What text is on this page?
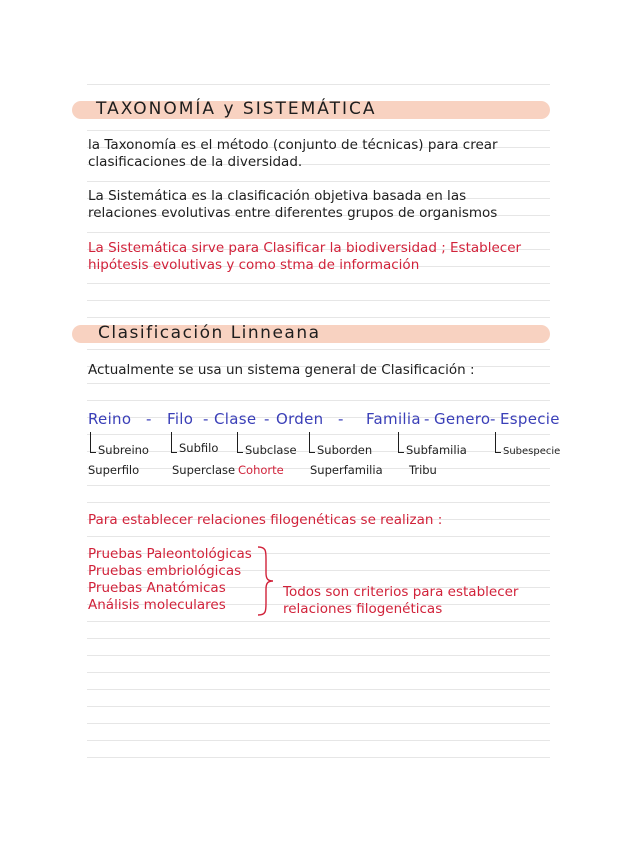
TAXONOMÍA y SISTEMÁTICA
la Taxonomía es el método (conjunto de técnicas) para crear
clasificaciones de la diversidad.
La Sistemática es la clasificación objetiva basada en las
relaciones evolutivas entre diferentes grupos de organismos
La Sistemática sirve para Clasificar la biodiversidad ; Establecer
hipótesis evolutivas y como stma de información
Clasificación Linneana
Actualmente se usa un sistema general de Clasificación :
Reino - Filo - Clase - Orden - Familia - Genero - Especie
Subreino	Subfilo Subclase Suborden	Subfamilia	Subespecie
Superfilo	Superclase Cohorte Superfamilia Tribu
Para establecer relaciones filogenéticas se realizan :
Pruebas Paleontológicas
Pruebas embriológicas
Pruebas Anatómicas
Análisis moleculares
Todos son criterios para establecer
relaciones filogenéticas
